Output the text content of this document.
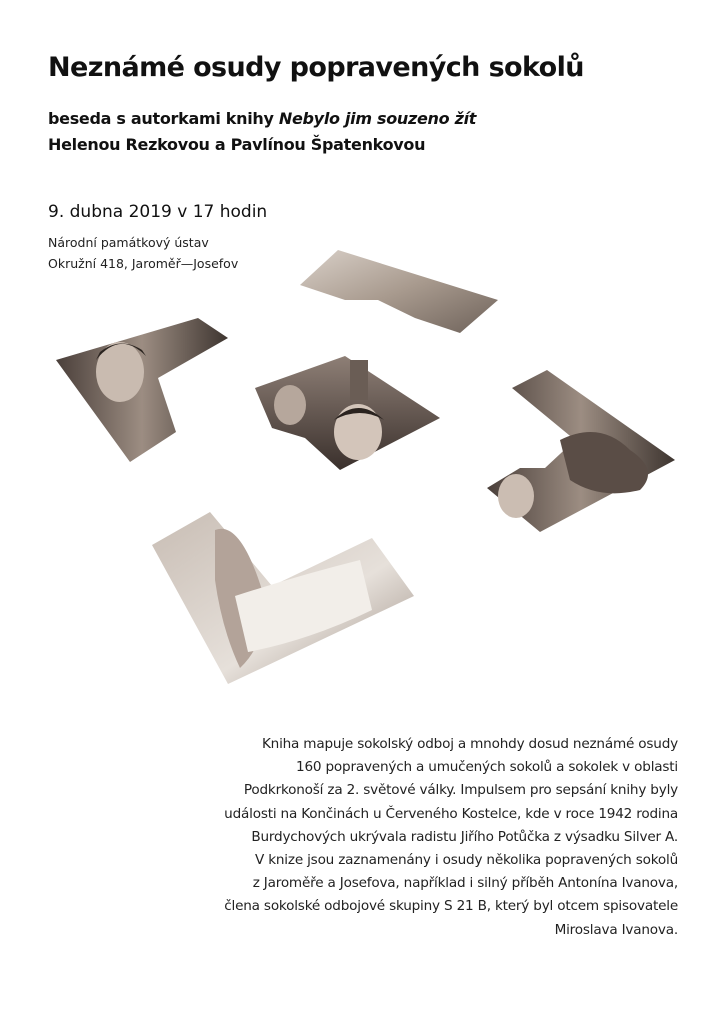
Neznámé osudy popravených sokolů
beseda s autorkami knihy Nebylo jim souzeno žít
Helenou Rezkovou a Pavlínou Špatenkovou
9. dubna 2019 v 17 hodin
Národní památkový ústav
Okružní 418, Jaroměř—Josefov
Kniha mapuje sokolský odboj a mnohdy dosud neznámé osudy
160 popravených a umučených sokolů a sokolek v oblasti
Podkrkonoší za 2. světové války. Impulsem pro sepsání knihy byly
události na Končinách u Červeného Kostelce, kde v roce 1942 rodina
Burdychových ukrývala radistu Jiřího Potůčka z výsadku Silver A.
V knize jsou zaznamenány i osudy několika popravených sokolů
z Jaroměře a Josefova, například i silný příběh Antonína Ivanova,
člena sokolské odbojové skupiny S 21 B, který byl otcem spisovatele
Miroslava Ivanova.
